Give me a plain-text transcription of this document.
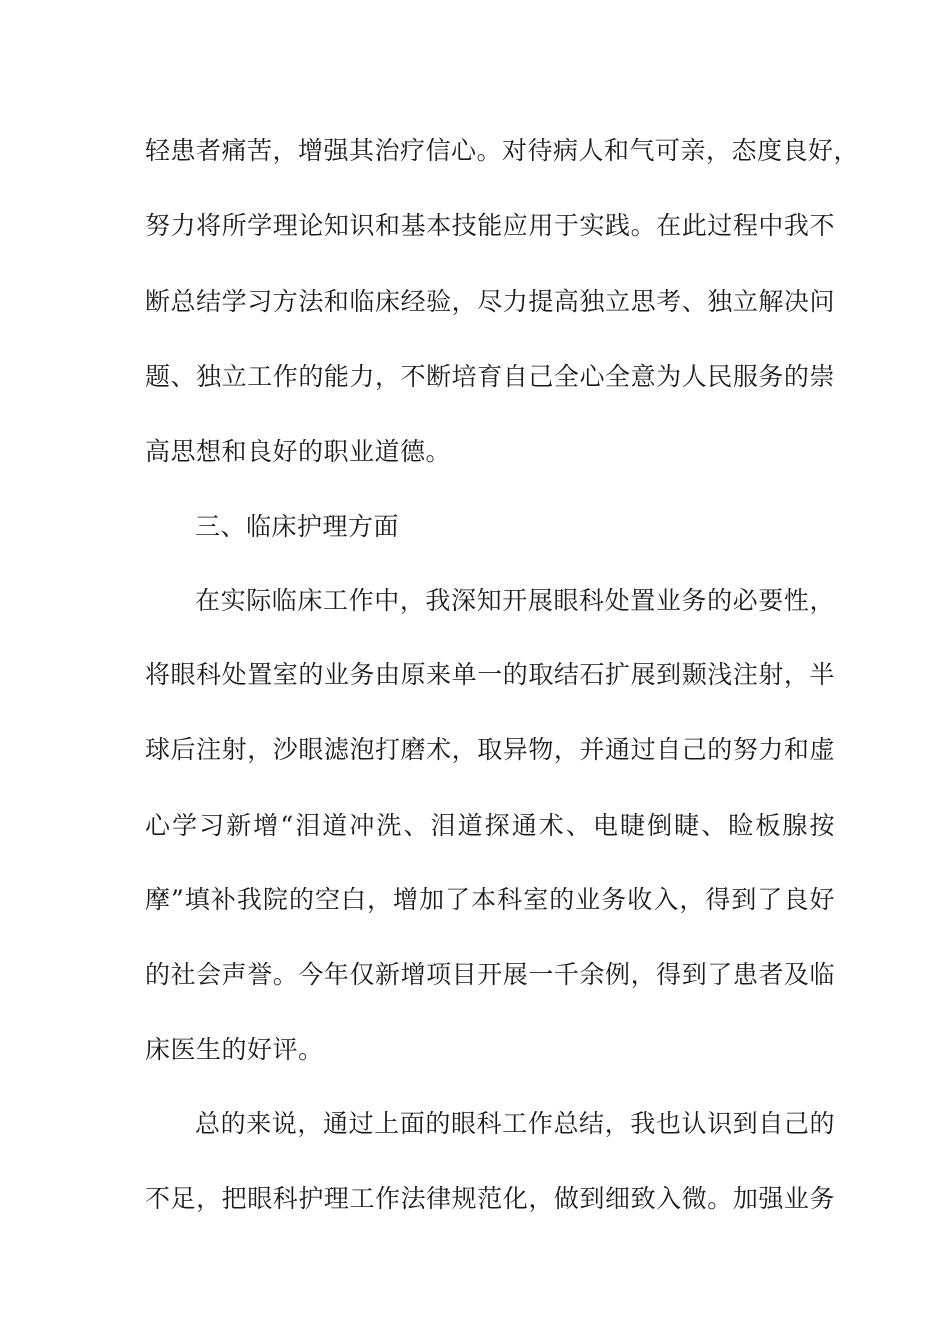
轻患者痛苦，增强其治疗信心。对待病人和气可亲，态度良好，
努力将所学理论知识和基本技能应用于实践。在此过程中我不
断总结学习方法和临床经验，尽力提高独立思考、独立解决问
题、独立工作的能力，不断培育自己全心全意为人民服务的崇
高思想和良好的职业道德。
三、临床护理方面
在实际临床工作中，我深知开展眼科处置业务的必要性，
将眼科处置室的业务由原来单一的取结石扩展到颞浅注射，半
球后注射，沙眼滤泡打磨术，取异物，并通过自己的努力和虚
心学习新增“泪道冲洗、泪道探通术、电睫倒睫、睑板腺按
摩”填补我院的空白，增加了本科室的业务收入，得到了良好
的社会声誉。今年仅新增项目开展一千余例，得到了患者及临
床医生的好评。
总的来说，通过上面的眼科工作总结，我也认识到自己的
不足，把眼科护理工作法律规范化，做到细致入微。加强业务
